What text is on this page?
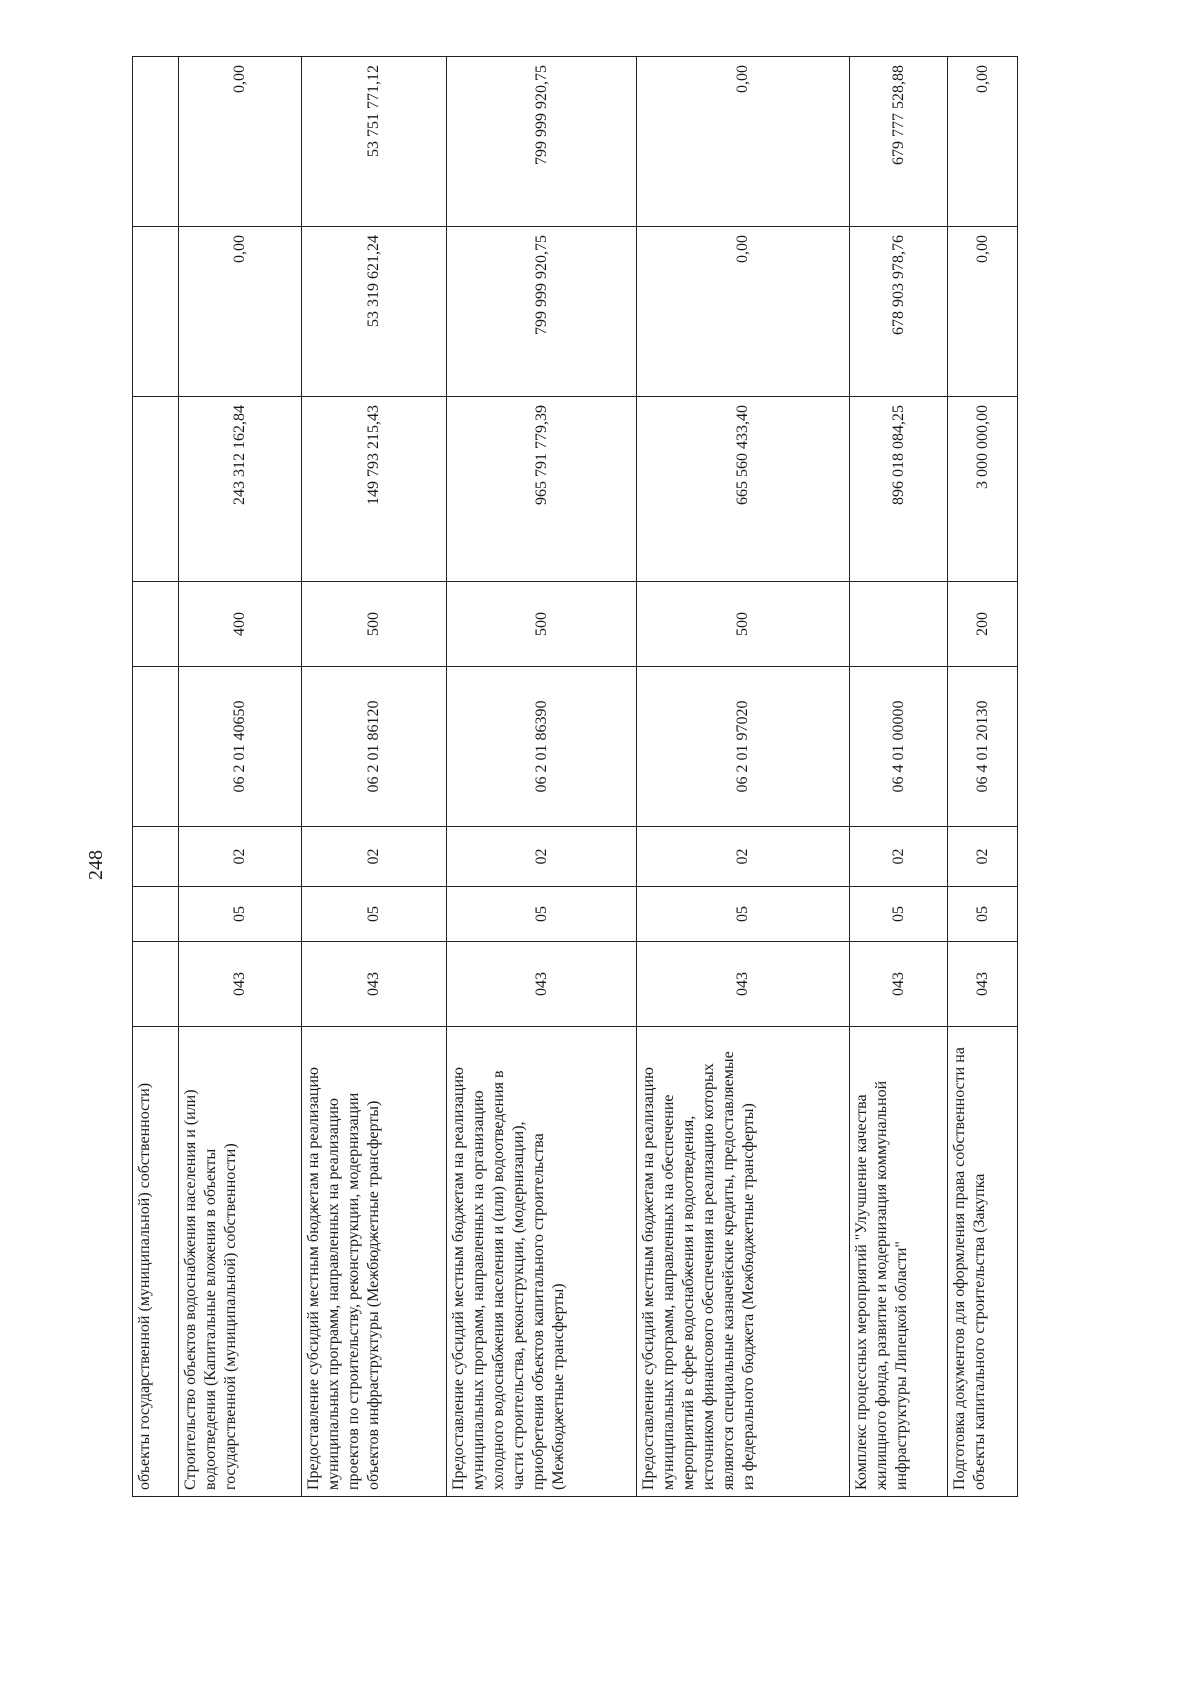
248
объекты государственной (муниципальной) собственности)								
Строительство объектов водоснабжения населения и (или) водоотведения (Капитальные вложения в объекты государственной (муниципальной) собственности)	043	05	02	06 2 01 40650	400	243 312 162,84	0,00	0,00
Предоставление субсидий местным бюджетам на реализацию муниципальных программ, направленных на реализацию проектов по строительству, реконструкции, модернизации объектов инфраструктуры (Межбюджетные трансферты)	043	05	02	06 2 01 86120	500	149 793 215,43	53 319 621,24	53 751 771,12
Предоставление субсидий местным бюджетам на реализацию муниципальных программ, направленных на организацию холодного водоснабжения населения и (или) водоотведения в части строительства, реконструкции, (модернизации), приобретения объектов капитального строительства (Межбюджетные трансферты)	043	05	02	06 2 01 86390	500	965 791 779,39	799 999 920,75	799 999 920,75
Предоставление субсидий местным бюджетам на реализацию муниципальных программ, направленных на обеспечение мероприятий в сфере водоснабжения и водоотведения, источником финансового обеспечения на реализацию которых являются специальные казначейские кредиты, предоставляемые из федерального бюджета (Межбюджетные трансферты)	043	05	02	06 2 01 97020	500	665 560 433,40	0,00	0,00
Комплекс процессных мероприятий "Улучшение качества жилищного фонда, развитие и модернизация коммунальной инфраструктуры Липецкой области"	043	05	02	06 4 01 00000		896 018 084,25	678 903 978,76	679 777 528,88
Подготовка документов для оформления права собственности на объекты капитального строительства (Закупка	043	05	02	06 4 01 20130	200	3 000 000,00	0,00	0,00
